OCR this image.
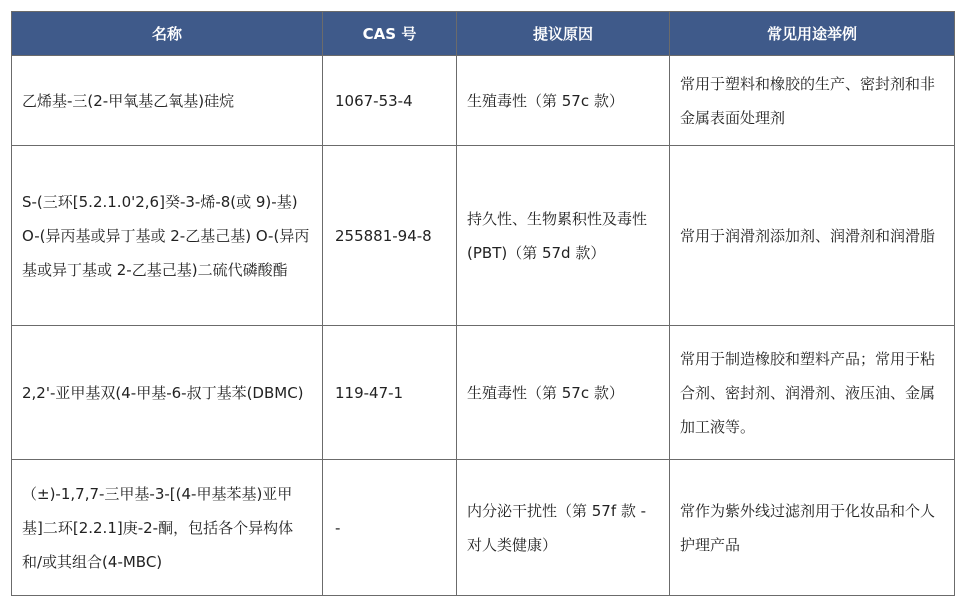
名称	CAS 号	提议原因	常见用途举例
乙烯基-三(2-甲氧基乙氧基)硅烷	1067-53-4	生殖毒性（第 57c 款）	常用于塑料和橡胶的生产、密封剂和非金属表面处理剂
S-(三环[5.2.1.0'2,6]癸-3-烯-8(或 9)-基) O-(异丙基或异丁基或 2-乙基己基) O-(异丙基或异丁基或 2-乙基己基)二硫代磷酸酯	255881-94-8	持久性、生物累积性及毒性(PBT)（第 57d 款）	常用于润滑剂添加剂、润滑剂和润滑脂
2,2'-亚甲基双(4-甲基-6-叔丁基苯(DBMC)	119-47-1	生殖毒性（第 57c 款）	常用于制造橡胶和塑料产品；常用于粘合剂、密封剂、润滑剂、液压油、金属加工液等。
（±)-1,7,7-三甲基-3-[(4-甲基苯基)亚甲基]二环[2.2.1]庚-2-酮，包括各个异构体和/或其组合(4-MBC)	-	内分泌干扰性（第 57f 款 - 对人类健康）	常作为紫外线过滤剂用于化妆品和个人护理产品
